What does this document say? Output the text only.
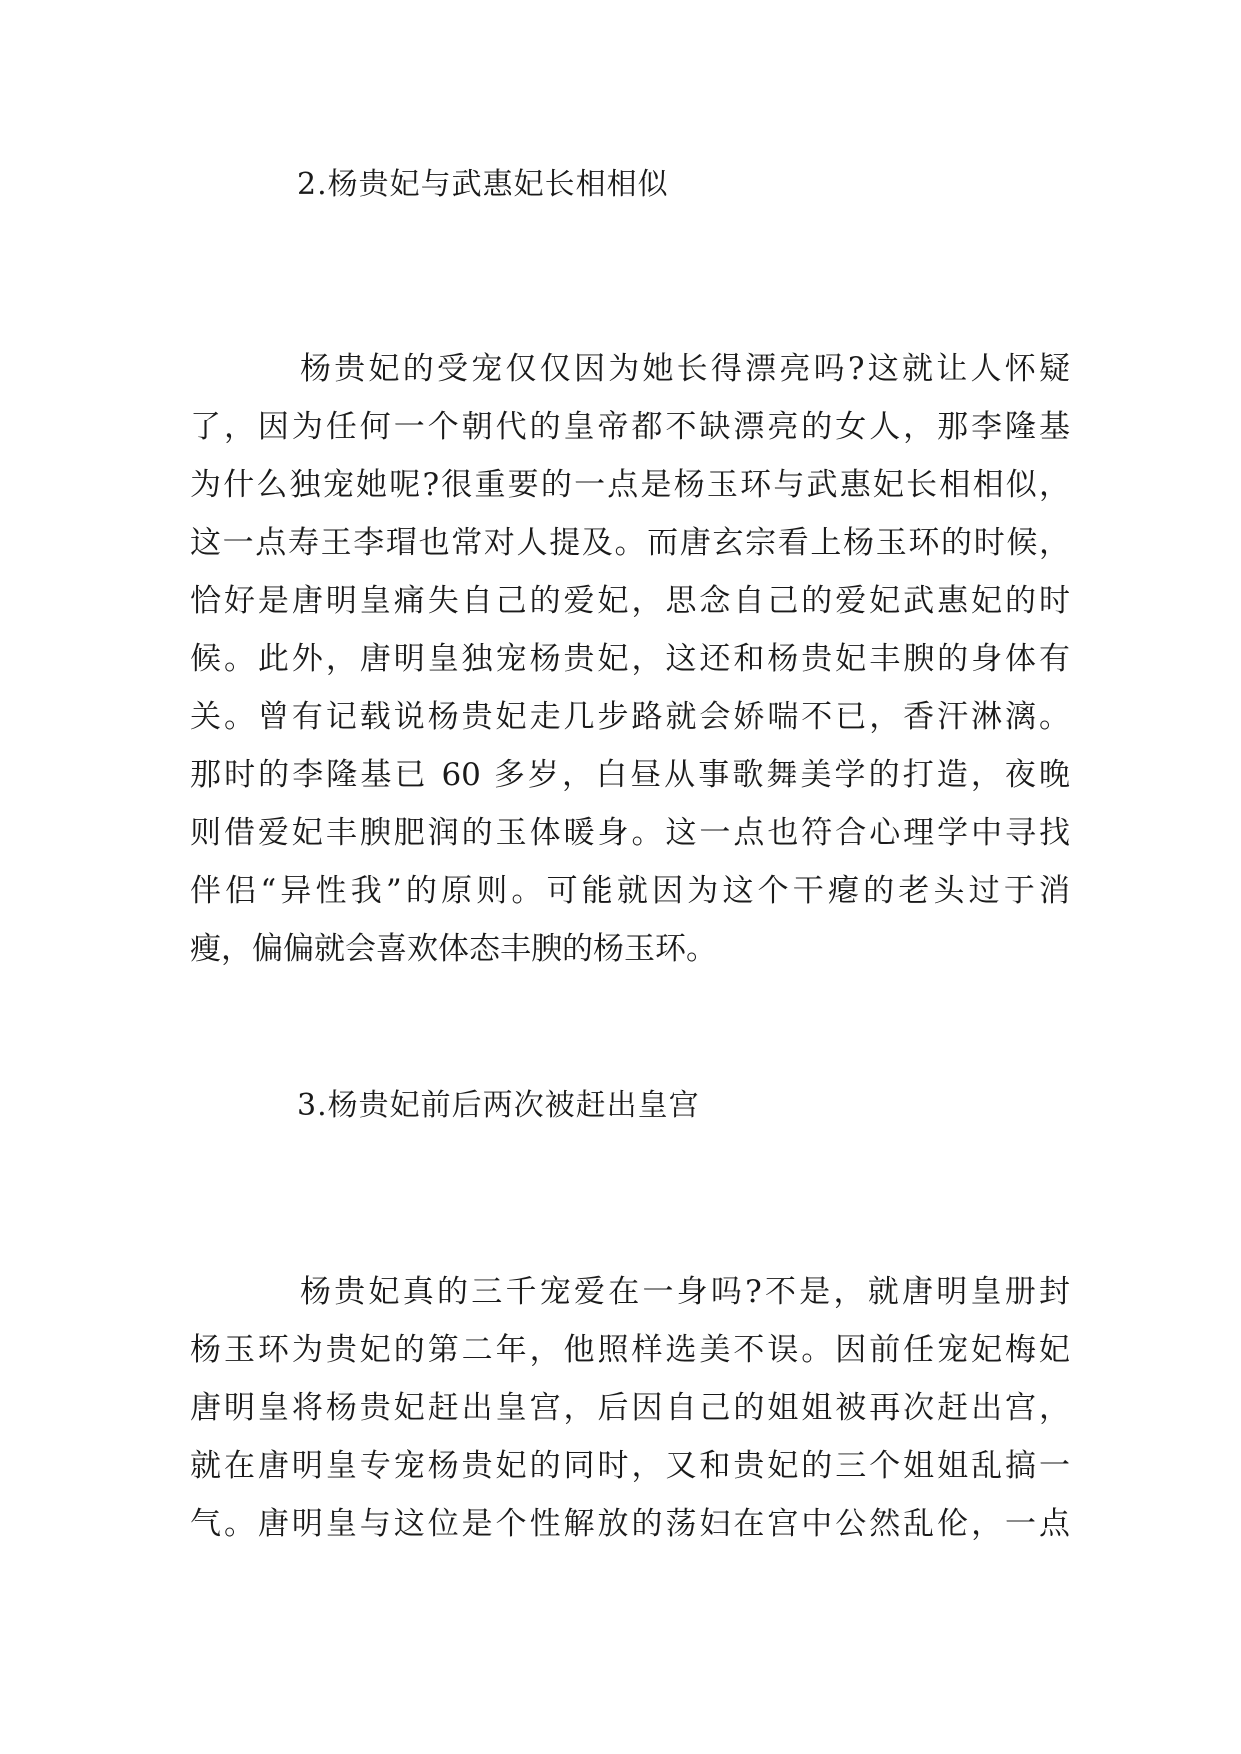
2.杨贵妃与武惠妃长相相似
杨贵妃的受宠仅仅因为她长得漂亮吗?这就让人怀疑
了，因为任何一个朝代的皇帝都不缺漂亮的女人，那李隆基
为什么独宠她呢?很重要的一点是杨玉环与武惠妃长相相似，
这一点寿王李瑁也常对人提及。而唐玄宗看上杨玉环的时候，
恰好是唐明皇痛失自己的爱妃，思念自己的爱妃武惠妃的时
候。此外，唐明皇独宠杨贵妃，这还和杨贵妃丰腴的身体有
关。曾有记载说杨贵妃走几步路就会娇喘不已，香汗淋漓。
那时的李隆基已 60 多岁，白昼从事歌舞美学的打造，夜晚
则借爱妃丰腴肥润的玉体暖身。这一点也符合心理学中寻找
伴侣“异性我”的原则。可能就因为这个干瘪的老头过于消
瘦，偏偏就会喜欢体态丰腴的杨玉环。
3.杨贵妃前后两次被赶出皇宫
杨贵妃真的三千宠爱在一身吗?不是，就唐明皇册封
杨玉环为贵妃的第二年，他照样选美不误。因前任宠妃梅妃
唐明皇将杨贵妃赶出皇宫，后因自己的姐姐被再次赶出宫，
就在唐明皇专宠杨贵妃的同时，又和贵妃的三个姐姐乱搞一
气。唐明皇与这位是个性解放的荡妇在宫中公然乱伦，一点
